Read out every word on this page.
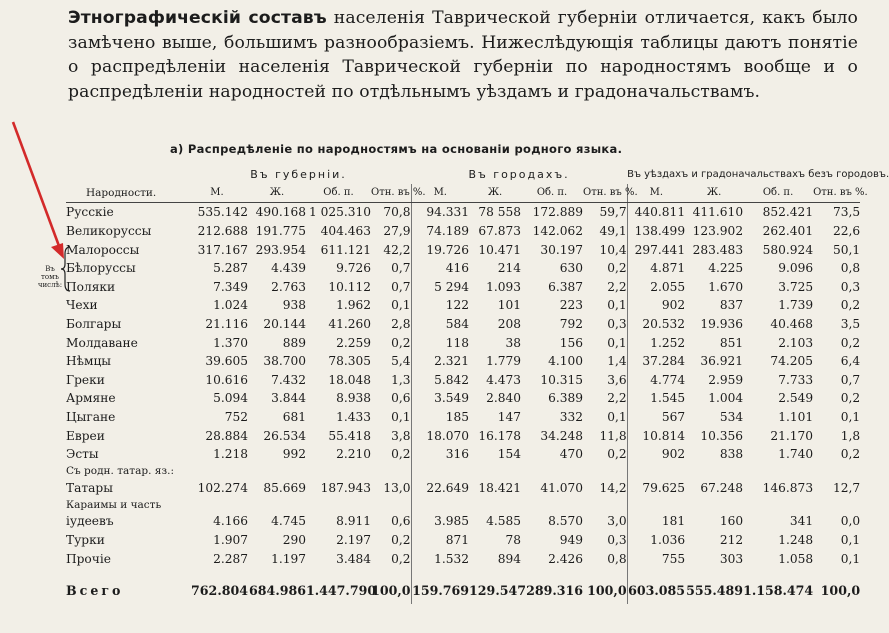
Этнографическій составъ населенія Таврической губерніи отличается, какъ было замѣчено выше, большимъ разнообразіемъ. Нижеслѣдующія таблицы даютъ понятіе о распредѣленіи населенія Таврической губерніи по народностямъ вообще и о распредѣленіи народностей по отдѣльнымъ уѣздамъ и градоначальствамъ.
а) Распредѣленіе по народностямъ на основаніи родного языка.
Въ томъ числѣ:
	Въ губерніи.				Въ городахъ.				Въ уѣздахъ и градоначальствахъ безъ городовъ.			
Народности.	М.	Ж.	Об. п.	Отн. въ %.	М.	Ж.	Об. п.	Отн. въ %.	М.	Ж.	Об. п.	Отн. въ %.
Русскіе	535.142	490.168	1 025.310	70,8	94.331	78 558	172.889	59,7	440.811	411.610	852.421	73,5
Великоруссы	212.688	191.775	404.463	27,9	74.189	67.873	142.062	49,1	138.499	123.902	262.401	22,6
Малороссы	317.167	293.954	611.121	42,2	19.726	10.471	30.197	10,4	297.441	283.483	580.924	50,1
Бѣлоруссы	5.287	4.439	9.726	0,7	416	214	630	0,2	4.871	4.225	9.096	0,8
Поляки	7.349	2.763	10.112	0,7	5 294	1.093	6.387	2,2	2.055	1.670	3.725	0,3
Чехи	1.024	938	1.962	0,1	122	101	223	0,1	902	837	1.739	0,2
Болгары	21.116	20.144	41.260	2,8	584	208	792	0,3	20.532	19.936	40.468	3,5
Молдаване	1.370	889	2.259	0,2	118	38	156	0,1	1.252	851	2.103	0,2
Нѣмцы	39.605	38.700	78.305	5,4	2.321	1.779	4.100	1,4	37.284	36.921	74.205	6,4
Греки	10.616	7.432	18.048	1,3	5.842	4.473	10.315	3,6	4.774	2.959	7.733	0,7
Армяне	5.094	3.844	8.938	0,6	3.549	2.840	6.389	2,2	1.545	1.004	2.549	0,2
Цыгане	752	681	1.433	0,1	185	147	332	0,1	567	534	1.101	0,1
Евреи	28.884	26.534	55.418	3,8	18.070	16.178	34.248	11,8	10.814	10.356	21.170	1,8
Эсты	1.218	992	2.210	0,2	316	154	470	0,2	902	838	1.740	0,2
Съ родн. татар. яз.:												
Татары	102.274	85.669	187.943	13,0	22.649	18.421	41.070	14,2	79.625	67.248	146.873	12,7
Караимы и часть												
іудеевъ	4.166	4.745	8.911	0,6	3.985	4.585	8.570	3,0	181	160	341	0,0
Турки	1.907	290	2.197	0,2	871	78	949	0,3	1.036	212	1.248	0,1
Прочіе	2.287	1.197	3.484	0,2	1.532	894	2.426	0,8	755	303	1.058	0,1
Всего	762.804	684.986	1.447.790	100,0	159.769	129.547	289.316	100,0	603.085	555.489	1.158.474	100,0
